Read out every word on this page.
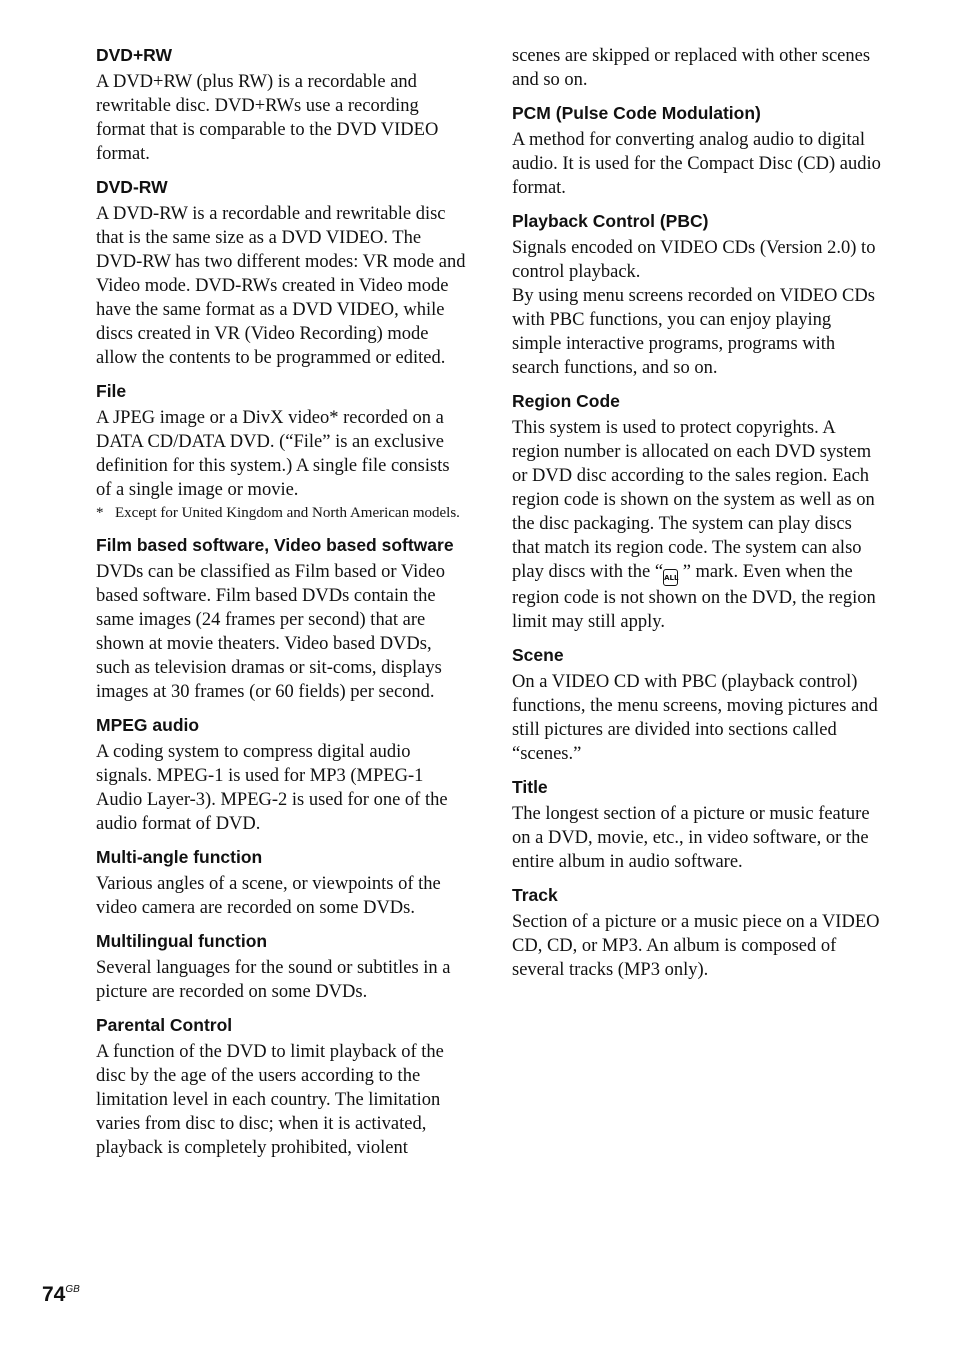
DVD+RW

A DVD+RW (plus RW) is a recordable and rewritable disc. DVD+RWs use a recording format that is comparable to the DVD VIDEO format.

DVD-RW

A DVD-RW is a recordable and rewritable disc that is the same size as a DVD VIDEO. The DVD-RW has two different modes: VR mode and Video mode. DVD-RWs created in Video mode have the same format as a DVD VIDEO, while discs created in VR (Video Recording) mode allow the contents to be programmed or edited.

File

A JPEG image or a DivX video* recorded on a DATA CD/DATA DVD. (“File” is an exclusive definition for this system.) A single file consists of a single image or movie.

* Except for United Kingdom and North American models.

Film based software, Video based software

DVDs can be classified as Film based or Video based software. Film based DVDs contain the same images (24 frames per second) that are shown at movie theaters. Video based DVDs, such as television dramas or sit-coms, displays images at 30 frames (or 60 fields) per second.

MPEG audio

A coding system to compress digital audio signals. MPEG-1 is used for MP3 (MPEG-1 Audio Layer-3). MPEG-2 is used for one of the audio format of DVD.

Multi-angle function

Various angles of a scene, or viewpoints of the video camera are recorded on some DVDs.

Multilingual function

Several languages for the sound or subtitles in a picture are recorded on some DVDs.

Parental Control

A function of the DVD to limit playback of the disc by the age of the users according to the limitation level in each country. The limitation varies from disc to disc; when it is activated, playback is completely prohibited, violent

scenes are skipped or replaced with other scenes and so on.

PCM (Pulse Code Modulation)

A method for converting analog audio to digital audio. It is used for the Compact Disc (CD) audio format.

Playback Control (PBC)

Signals encoded on VIDEO CDs (Version 2.0) to control playback.

By using menu screens recorded on VIDEO CDs with PBC functions, you can enjoy playing simple interactive programs, programs with search functions, and so on.

Region Code

This system is used to protect copyrights. A region number is allocated on each DVD system or DVD disc according to the sales region. Each region code is shown on the system as well as on the disc packaging. The system can play discs that match its region code. The system can also play discs with the “ALL ” mark. Even when the region code is not shown on the DVD, the region limit may still apply.

Scene

On a VIDEO CD with PBC (playback control) functions, the menu screens, moving pictures and still pictures are divided into sections called “scenes.”

Title

The longest section of a picture or music feature on a DVD, movie, etc., in video software, or the entire album in audio software.

Track

Section of a picture or a music piece on a VIDEO CD, CD, or MP3. An album is composed of several tracks (MP3 only).

$74^{GB}$
